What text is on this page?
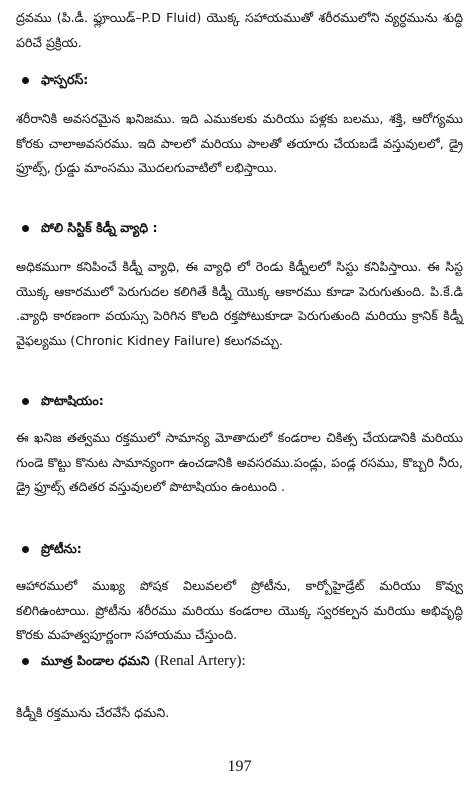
ద్రవము (పి.డీ. ఫ్లూయిడ్–P.D Fluid) యొక్క సహాయముతో శరీరములోని వ్యర్ధమును శుద్ధి పరిచే ప్రక్రియ.

ఫాస్పరస్:

శరీరానికి అవసరమైన ఖనిజము. ఇది ఎముకలకు మరియు పళ్లకు బలము, శక్తి, ఆరోగ్యము కోరకు చాలాఅవసరము. ఇది పాలలో మరియు పాలతో తయారు చేయబడే వస్తువులలో, డ్రై ఫ్రూట్స్, గ్రుడ్డు మాంసము మొదలగువాటిలో లభిస్తాయి.

పోలి సిస్టిక్ కిడ్నీ వ్యాధి :

అధికముగా కనిపించే కిడ్నీ వ్యాధి, ఈ వ్యాధి లో రెండు కిడ్నీలలో సిస్టు కనిపిస్తాయి. ఈ సిస్ట యొక్క ఆకారములో పెరుగుదల కలిగితే కిడ్నీ యొక్క ఆకారము కూడా పెరుగుతుంది. పి.కే.డి .వ్యాధి కారణంగా వయస్సు పెరిగిన కొలది రక్తపోటుకూడా పెరుగుతుంది మరియు క్రానిక్ కిడ్నీ వైఫల్యము (Chronic Kidney Failure) కలుగవచ్చు.

పొటాషియం:

ఈ ఖనిజ తత్వము రక్తములో సామాన్య మోతాదులో కండరాల చికిత్స చేయడానికి మరియు గుండె కొట్టు కొనుట సామాన్యంగా ఉంచడానికి అవసరము.పండ్లు, పండ్ల రసము, కొబ్బరి నీరు, డ్రై ఫ్రూట్స్ తదితర వస్తువులలో పొటాషియం ఉంటుంది .

ప్రోటీను:

ఆహారములో ముఖ్య పోషక విలువలలో ప్రోటీను, కార్బోహైడ్రేట్ మరియు కొవ్వు కలిగిఉంటాయి. ప్రోటీను శరీరము మరియు కండరాల యొక్క స్వరకల్పన మరియు అభివృద్ధి కొరకు మహత్వపూర్ణంగా సహాయము చేస్తుంది.

మూత్ర పిండాల ధమని (Renal Artery):

కిడ్నీకి రక్తమును చేరవేసే ధమని.

197
